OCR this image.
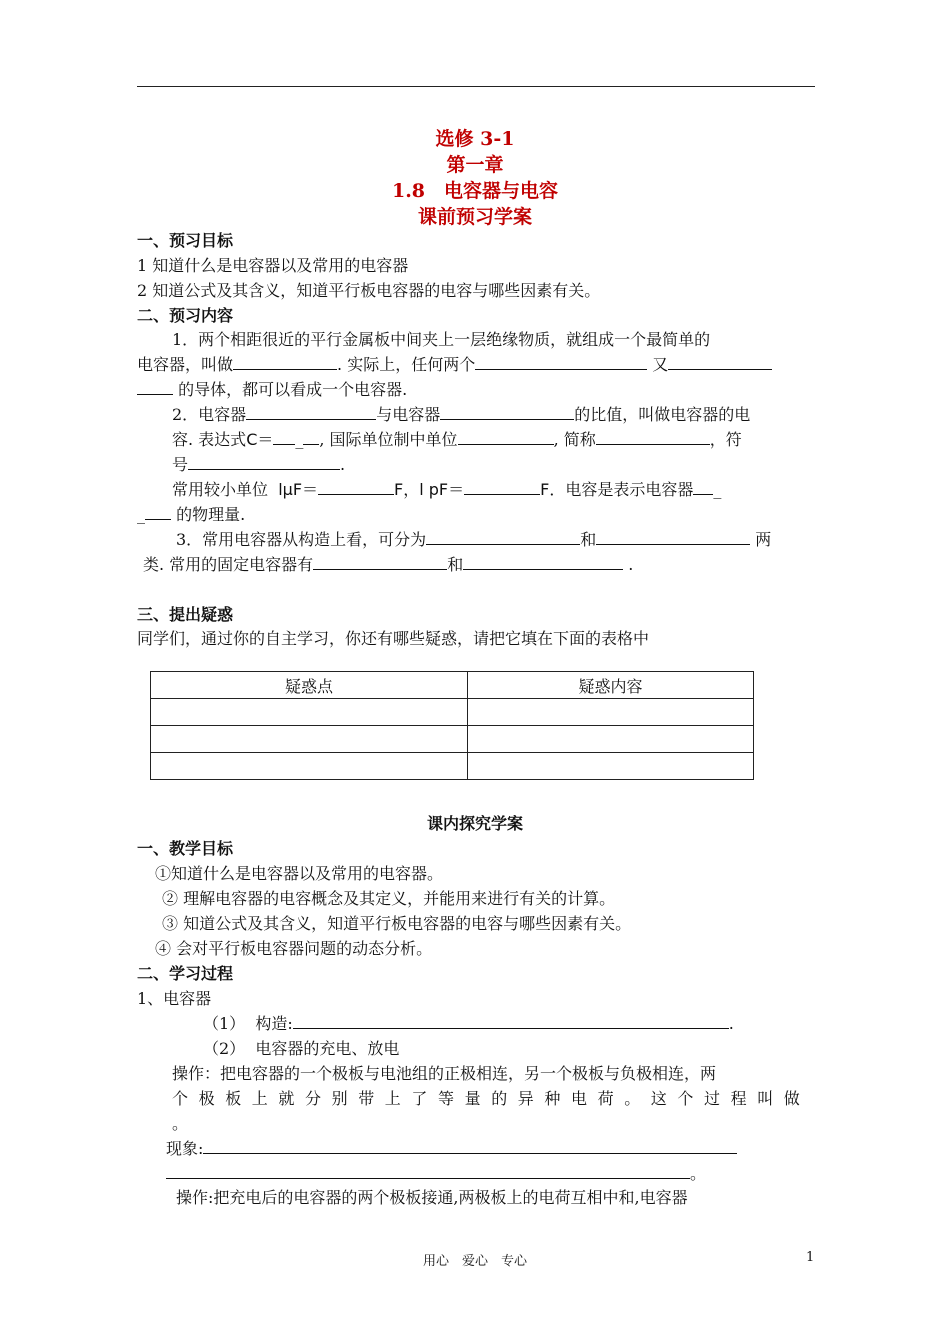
选修 3-1
第一章
1.8　电容器与电容
课前预习学案
一、预习目标
1 知道什么是电容器以及常用的电容器
2 知道公式及其含义，知道平行板电容器的电容与哪些因素有关。
二、预习内容
1．两个相距很近的平行金属板中间夹上一层绝缘物质，就组成一个最简单的
电容器，叫做	. 实际上，任何两个	又
的导体，都可以看成一个电容器.
2．电容器	与电容器	的比值，叫做电容器的电
容. 表达式C＝ _ , 国际单位制中单位	, 简称	，符
号	.
常用较小单位 lμF＝	F，l pF＝	F．电容是表示电容器 _
_ 的物理量.
3．常用电容器从构造上看，可分为	和	两
类. 常用的固定电容器有	和	.
三、提出疑惑
同学们，通过你的自主学习，你还有哪些疑惑，请把它填在下面的表格中
疑惑点	疑惑内容

课内探究学案
一、教学目标
①知道什么是电容器以及常用的电容器。
② 理解电容器的电容概念及其定义，并能用来进行有关的计算。
③ 知道公式及其含义，知道平行板电容器的电容与哪些因素有关。
④ 会对平行板电容器问题的动态分析。
二、学习过程
1、电容器
（1） 构造:	.
（2） 电容器的充电、放电
操作：把电容器的一个极板与电池组的正极相连，另一个极板与负极相连，两
个极板上就分别带上了等量的异种电荷。这个过程叫做
。
现象:
。
操作:把充电后的电容器的两个极板接通,两极板上的电荷互相中和,电容器
用心　爱心　专心	1
